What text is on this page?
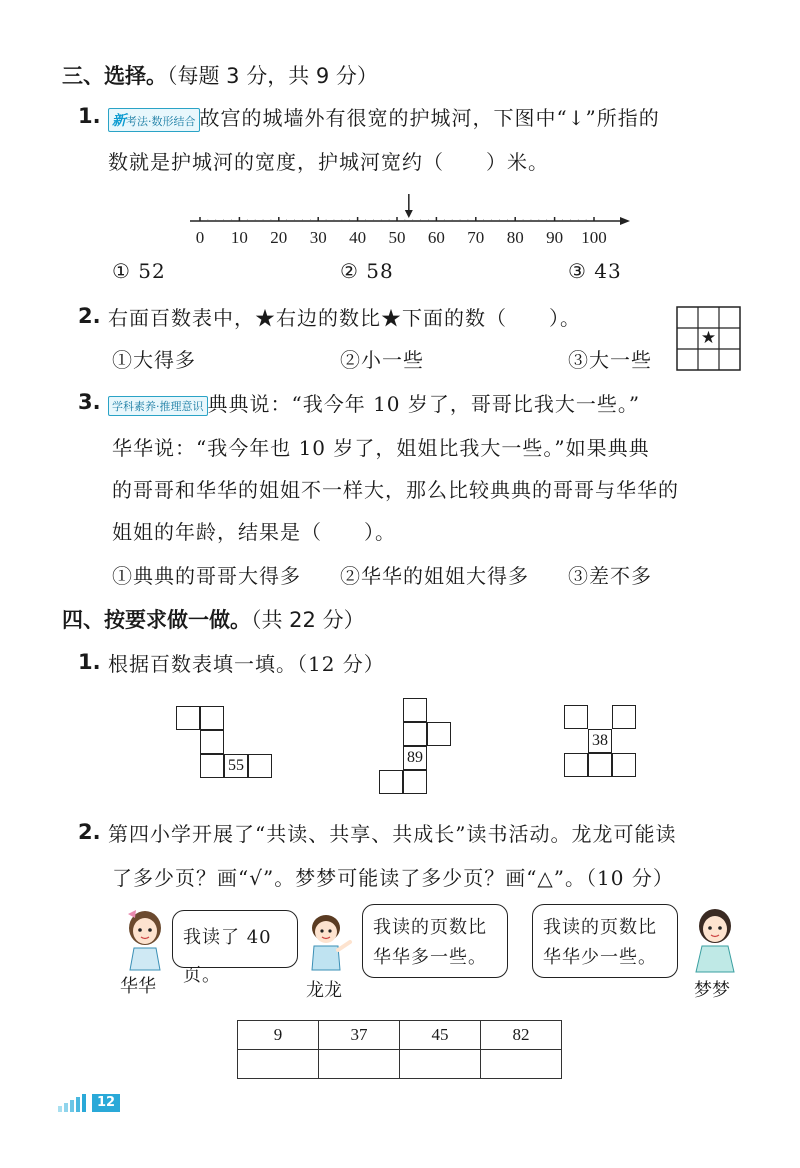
三、选择。（每题 3 分，共 9 分）
1. 新考法·数形结合 故宫的城墙外有很宽的护城河，下图中“↓”所指的
数就是护城河的宽度，护城河宽约（　　）米。
0 10 20 30 40 50 60 70 80 90 100
① 52	② 58	③ 43
2. 右面百数表中，★右边的数比★下面的数（　　）。
①大得多	②小一些	③大一些
★
3.	学科素养·推理意识 典典说：“我今年 10 岁了，哥哥比我大一些。”
华华说：“我今年也 10 岁了，姐姐比我大一些。”如果典典
的哥哥和华华的姐姐不一样大，那么比较典典的哥哥与华华的
姐姐的年龄，结果是（　　）。
①典典的哥哥大得多 ②华华的姐姐大得多 ③差不多
四、按要求做一做。（共 22 分）
1. 根据百数表填一填。（12 分）
55	89
38
2. 第四小学开展了“共读、共享、共成长”读书活动。龙龙可能读
了多少页？画“√”。梦梦可能读了多少页？画“△”。（10 分）
我读了 40 页。
我读的页数比华华多一些。
我读的页数比华华少一些。
华华	龙龙	梦梦
9	37	45	82

12
